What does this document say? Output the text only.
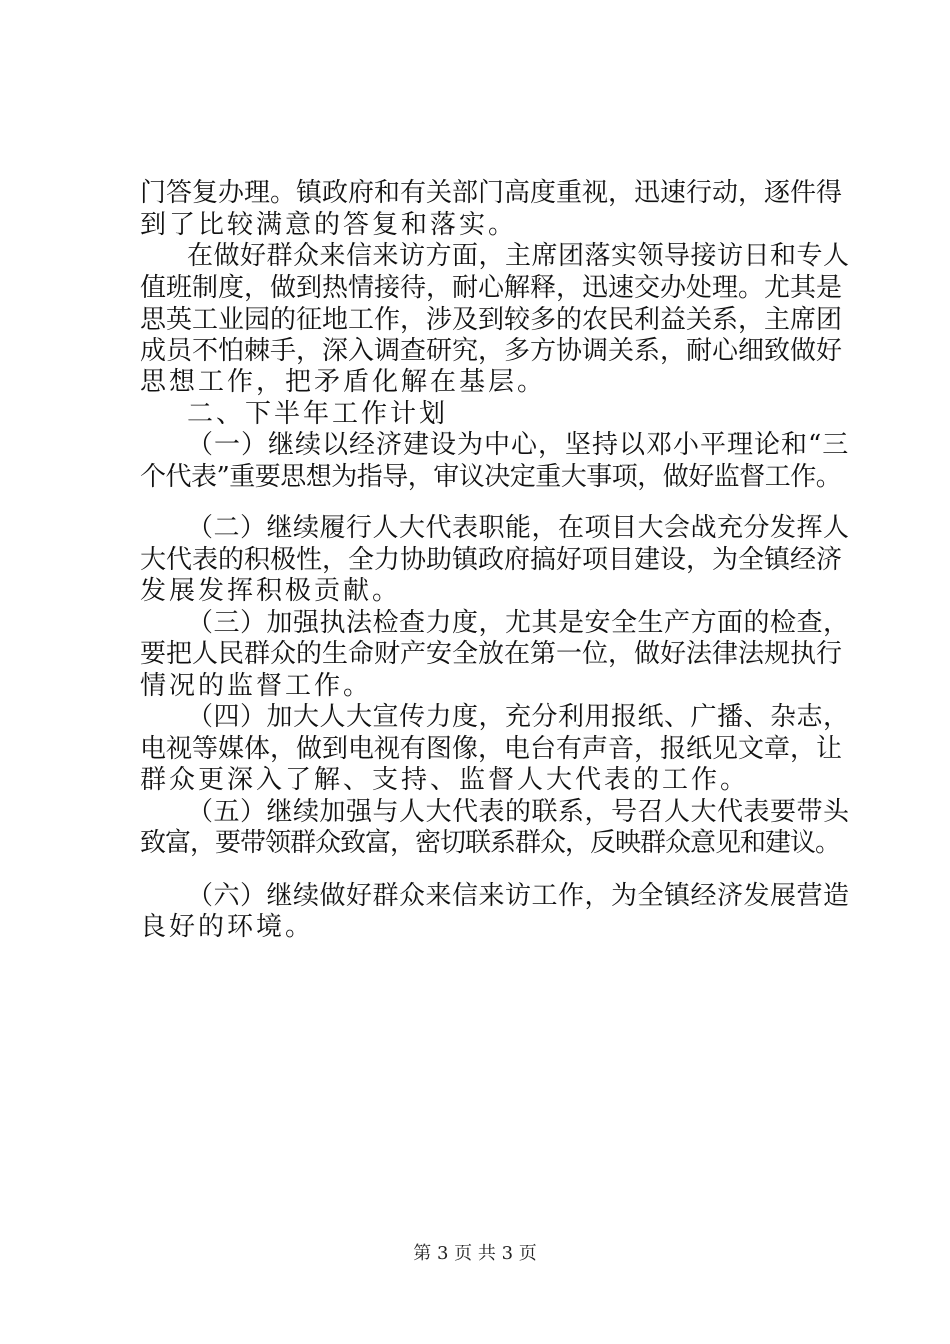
门答复办理。镇政府和有关部门高度重视，迅速行动，逐件得
到了比较满意的答复和落实。
在做好群众来信来访方面，主席团落实领导接访日和专人
值班制度，做到热情接待，耐心解释，迅速交办处理。尤其是
思英工业园的征地工作，涉及到较多的农民利益关系，主席团
成员不怕棘手，深入调查研究，多方协调关系，耐心细致做好
思想工作，把矛盾化解在基层。
二、下半年工作计划
（一）继续以经济建设为中心，坚持以邓小平理论和“三
个代表”重要思想为指导，审议决定重大事项，做好监督工作。
（二）继续履行人大代表职能，在项目大会战充分发挥人
大代表的积极性，全力协助镇政府搞好项目建设，为全镇经济
发展发挥积极贡献。
（三）加强执法检查力度，尤其是安全生产方面的检查，
要把人民群众的生命财产安全放在第一位，做好法律法规执行
情况的监督工作。
（四）加大人大宣传力度，充分利用报纸、广播、杂志，
电视等媒体，做到电视有图像，电台有声音，报纸见文章，让
群众更深入了解、支持、监督人大代表的工作。
（五）继续加强与人大代表的联系，号召人大代表要带头
致富，要带领群众致富，密切联系群众，反映群众意见和建议。
（六）继续做好群众来信来访工作，为全镇经济发展营造
良好的环境。
第 3 页 共 3 页
